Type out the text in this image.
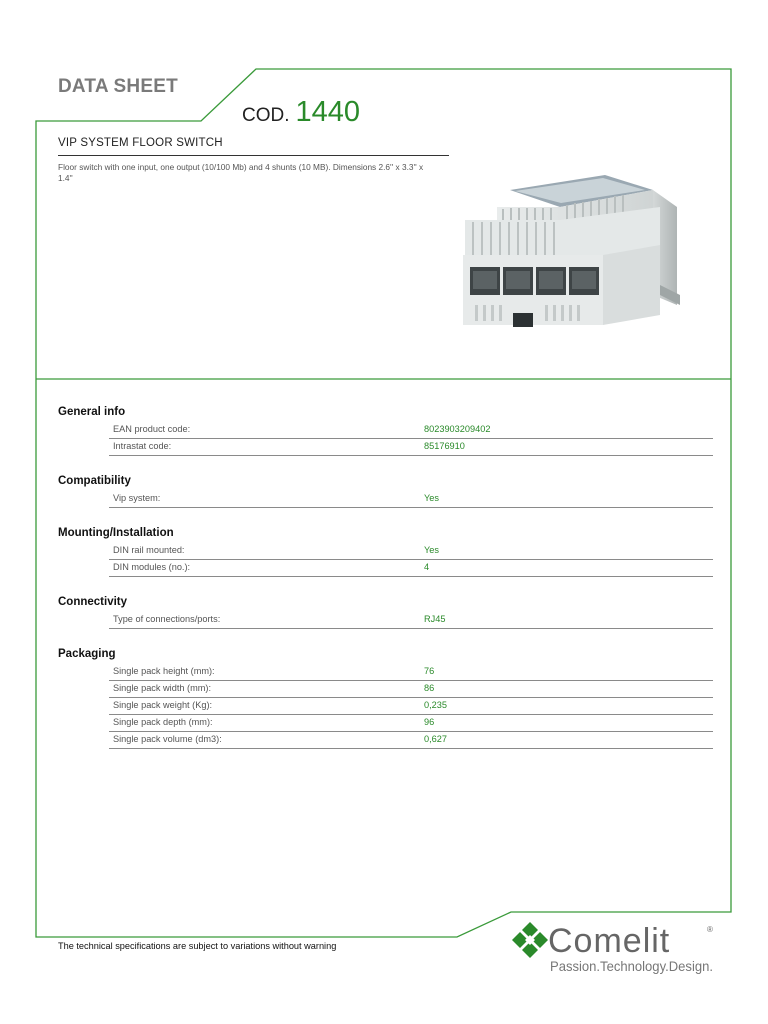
DATA SHEET
COD. 1440
VIP SYSTEM FLOOR SWITCH
Floor switch with one input, one output (10/100 Mb) and 4 shunts (10 MB). Dimensions 2.6'' x 3.3'' x 1.4''
General info
EAN product code:	8023903209402
Intrastat code:	85176910
Compatibility
Vip system:	Yes
Mounting/Installation
DIN rail mounted:	Yes
DIN modules (no.):	4
Connectivity
Type of connections/ports:	RJ45
Packaging
Single pack height (mm):	76
Single pack width (mm):	86
Single pack weight (Kg):	0,235
Single pack depth (mm):	96
Single pack volume (dm3):	0,627
The technical specifications are subject to variations without warning	Comelit	®
Passion.Technology.Design.
